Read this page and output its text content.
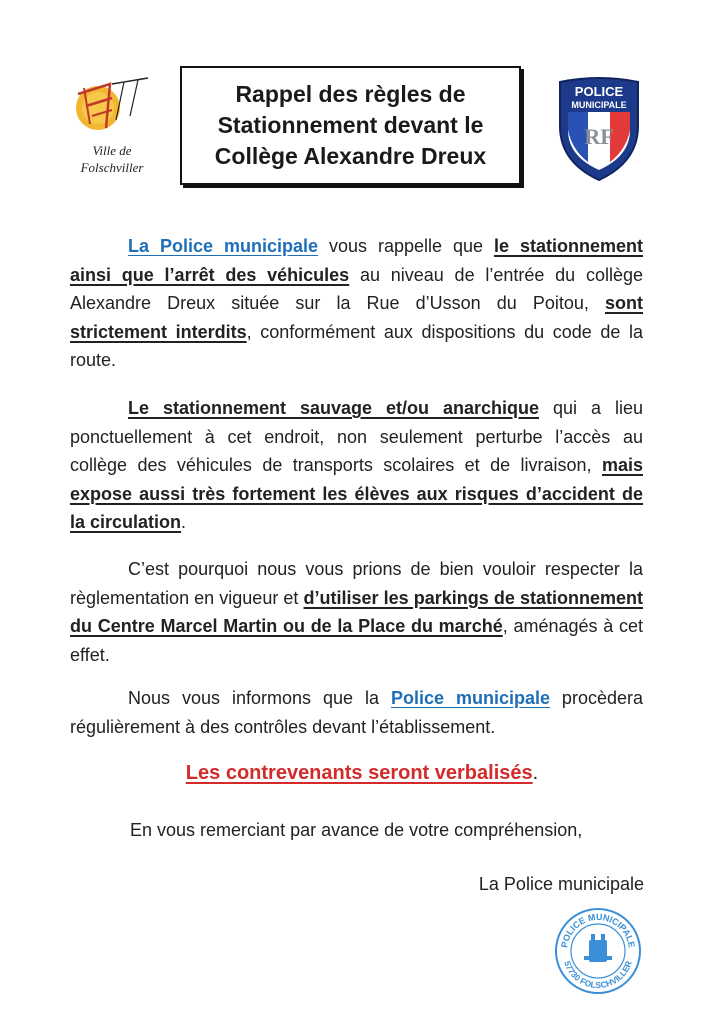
Ville de
Folschviller
Rappel des règles de
Stationnement devant le
Collège Alexandre Dreux
POLICE
MUNICIPALE
RF

La Police municipale vous rappelle que le stationnement ainsi que l’arrêt des véhicules au niveau de l’entrée du collège Alexandre Dreux située sur la Rue d’Usson du Poitou, sont strictement interdits, conformément aux dispositions du code de la route.

Le stationnement sauvage et/ou anarchique qui a lieu ponctuellement à cet endroit, non seulement perturbe l’accès au collège des véhicules de transports scolaires et de livraison, mais expose aussi très fortement les élèves aux risques d’accident de la circulation.

C’est pourquoi nous vous prions de bien vouloir respecter la règlementation en vigueur et d’utiliser les parkings de stationnement du Centre Marcel Martin ou de la Place du marché, aménagés à cet effet.

Nous vous informons que la Police municipale procèdera régulièrement à des contrôles devant l’établissement.

Les contrevenants seront verbalisés.
En vous remerciant par avance de votre compréhension,
La Police municipale
POLICE MUNICIPALE
57730 FOLSCHVILLER
